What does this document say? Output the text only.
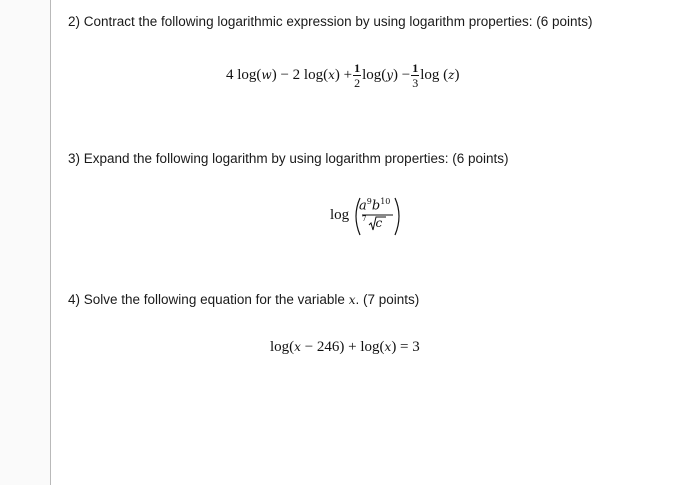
2) Contract the following logarithmic expression by using logarithm properties: (6 points)
4 log( w ) − 2 log( x ) + $\frac{1}{2} \log$( y ) − $\frac{1}{3}$ log ( z )
3) Expand the following logarithm by using logarithm properties: (6 points)
log
$a^9b^{10}$
$^7$ c
4) Solve the following equation for the variable x. (7 points)
log(x − 246) + log(x) = 3
